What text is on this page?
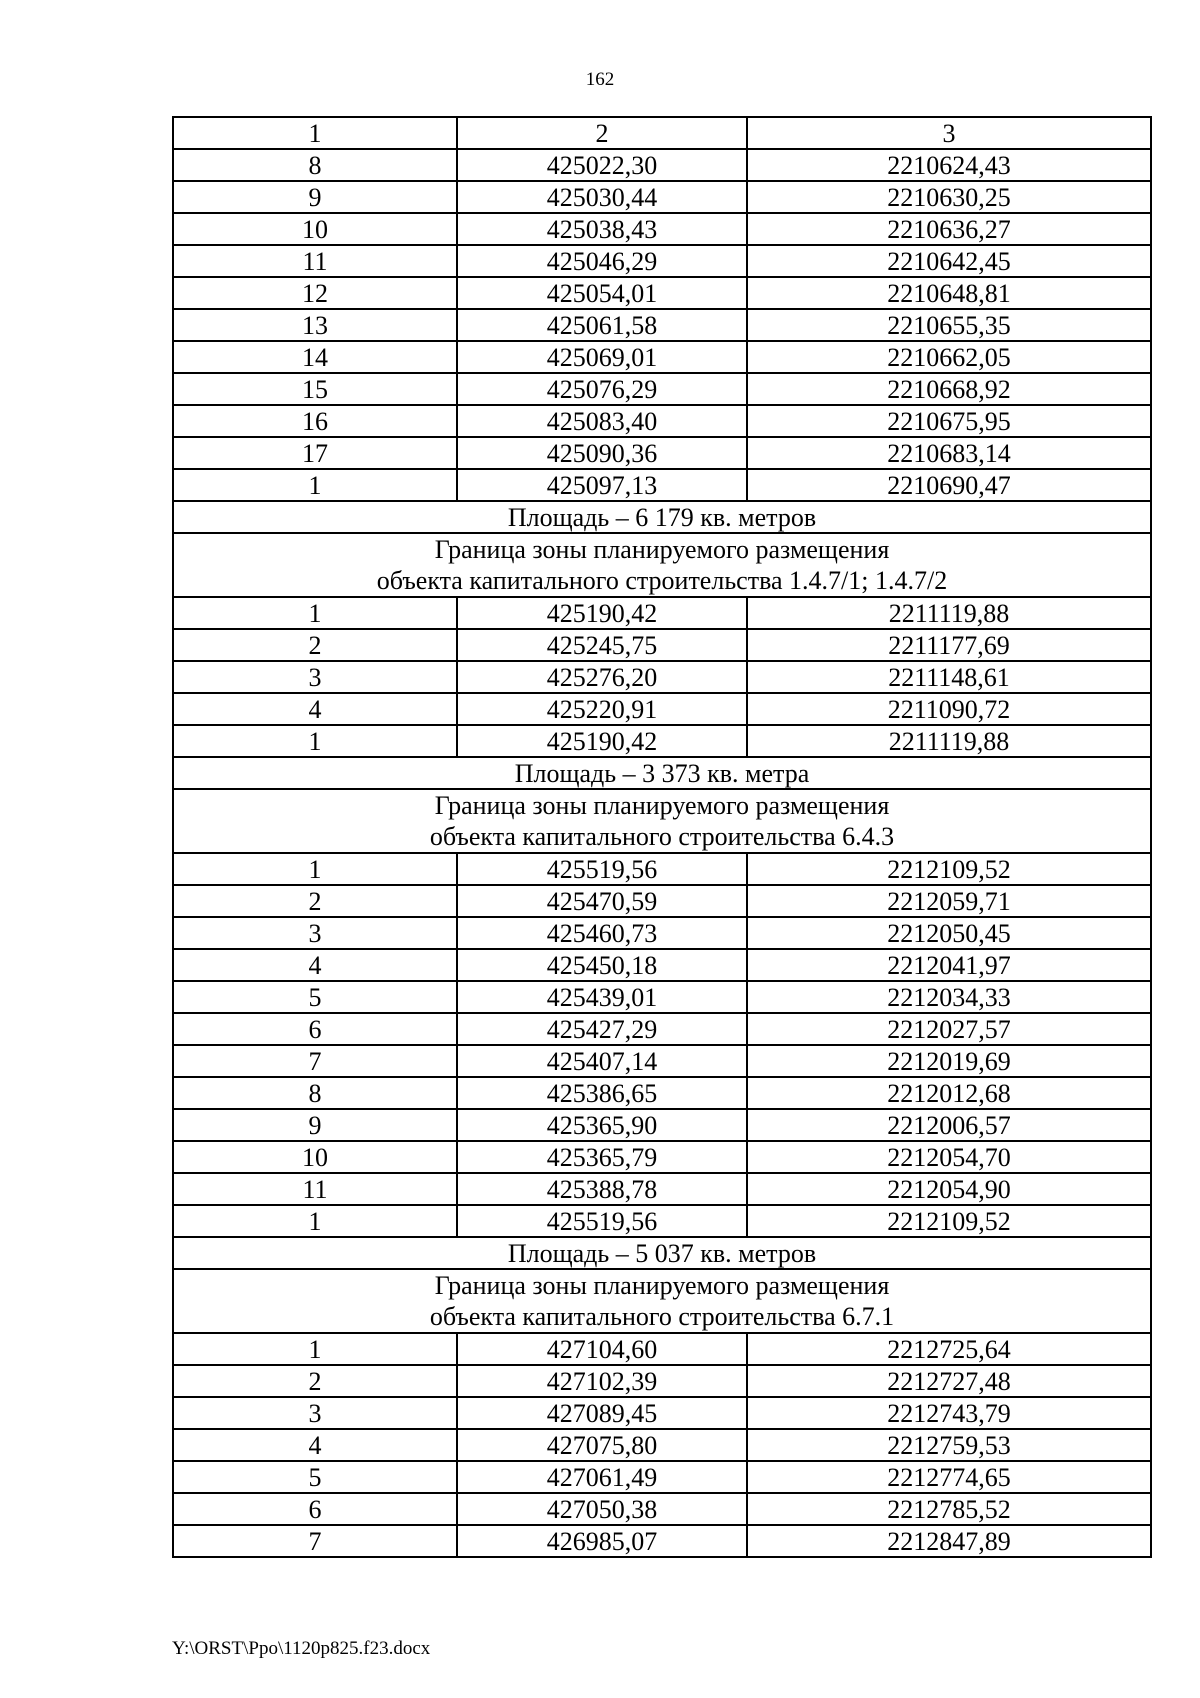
162
1	2	3
8	425022,30	2210624,43
9	425030,44	2210630,25
10	425038,43	2210636,27
11	425046,29	2210642,45
12	425054,01	2210648,81
13	425061,58	2210655,35
14	425069,01	2210662,05
15	425076,29	2210668,92
16	425083,40	2210675,95
17	425090,36	2210683,14
1	425097,13	2210690,47
Площадь – 6 179 кв. метров		

Граница зоны планируемого размещения
объекта капитального строительства 1.4.7/1; 1.4.7/2		

1	425190,42	2211119,88
2	425245,75	2211177,69
3	425276,20	2211148,61
4	425220,91	2211090,72
1	425190,42	2211119,88
Площадь – 3 373 кв. метра		

Граница зоны планируемого размещения
объекта капитального строительства 6.4.3		

1	425519,56	2212109,52
2	425470,59	2212059,71
3	425460,73	2212050,45
4	425450,18	2212041,97
5	425439,01	2212034,33
6	425427,29	2212027,57
7	425407,14	2212019,69
8	425386,65	2212012,68
9	425365,90	2212006,57
10	425365,79	2212054,70
11	425388,78	2212054,90
1	425519,56	2212109,52
Площадь – 5 037 кв. метров		

Граница зоны планируемого размещения
объекта капитального строительства 6.7.1		

1	427104,60	2212725,64
2	427102,39	2212727,48
3	427089,45	2212743,79
4	427075,80	2212759,53
5	427061,49	2212774,65
6	427050,38	2212785,52
7	426985,07	2212847,89
Y:\ORST\Ppo\1120p825.f23.docx
